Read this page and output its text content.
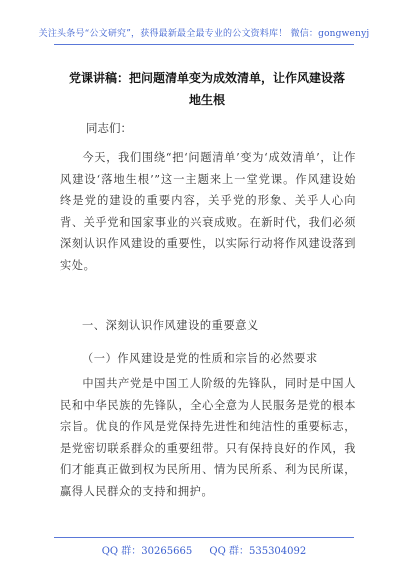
关注头条号“公文研究”，获得最新最全最专业的公文资料库！ 微信：gongwenyj
党课讲稿：把问题清单变为成效清单，让作风建设落地生根
同志们：
今天，我们围绕“把‘问题清单’变为‘成效清单’，让作风建设‘落地生根’”这一主题来上一堂党课。作风建设始终是党的建设的重要内容，关乎党的形象、关乎人心向背、关乎党和国家事业的兴衰成败。在新时代，我们必须深刻认识作风建设的重要性，以实际行动将作风建设落到实处。
一、深刻认识作风建设的重要意义
（一）作风建设是党的性质和宗旨的必然要求
中国共产党是中国工人阶级的先锋队，同时是中国人民和中华民族的先锋队，全心全意为人民服务是党的根本宗旨。优良的作风是党保持先进性和纯洁性的重要标志，是党密切联系群众的重要纽带。只有保持良好的作风，我们才能真正做到权为民所用、情为民所系、利为民所谋，赢得人民群众的支持和拥护。
QQ 群：30265665 QQ 群：535304092
